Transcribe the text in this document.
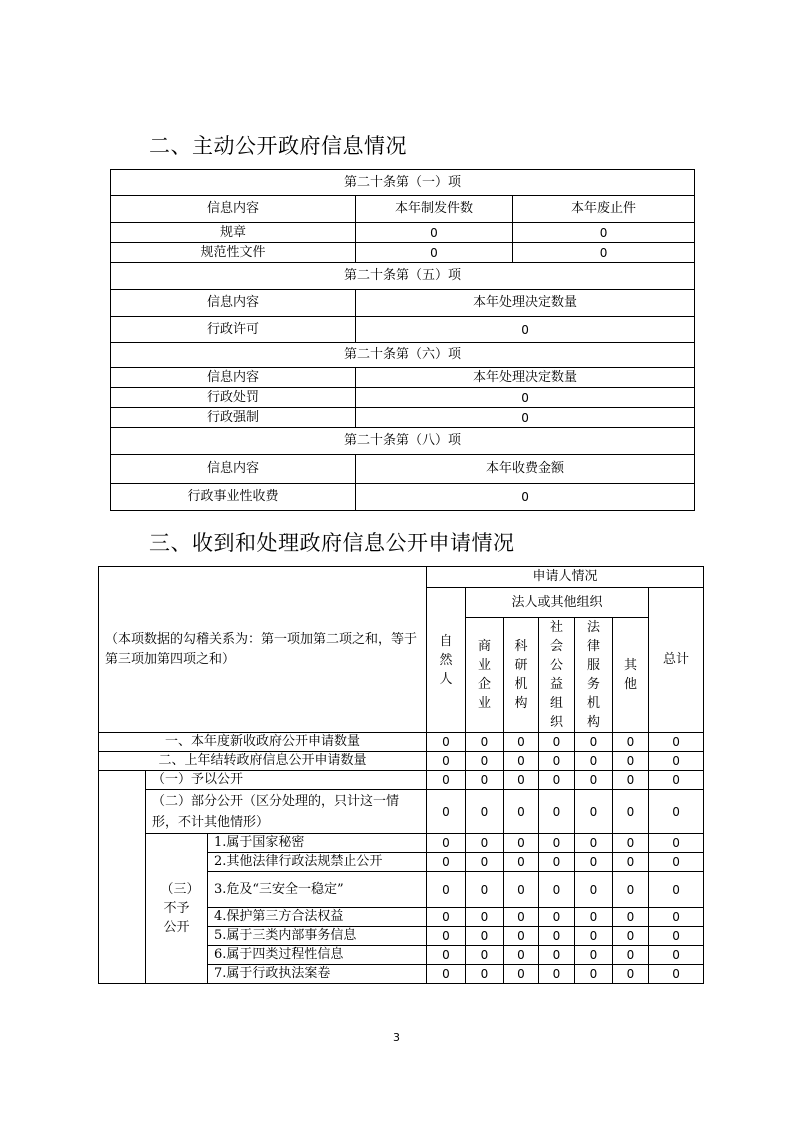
二、主动公开政府信息情况
第二十条第（一）项		
信息内容	本年制发件数	本年废止件
规章	0	0
规范性文件	0	0
第二十条第（五）项		
信息内容	本年处理决定数量	
行政许可	0	
第二十条第（六）项		
信息内容	本年处理决定数量	
行政处罚	0	
行政强制	0	
第二十条第（八）项		
信息内容	本年收费金额	
行政事业性收费	0	
三、收到和处理政府信息公开申请情况
（本项数据的勾稽关系为：第一项加第二项之和，等于第三项加第四项之和）			申请人情况						
			自然人	法人或其他组织					总计
				商业企业	科研机构	社会公益组织	法律服务机构	其他	
一、本年度新收政府公开申请数量			0	0	0	0	0	0	0
二、上年结转政府信息公开申请数量			0	0	0	0	0	0	0
	（一）予以公开		0	0	0	0	0	0	0
	（二）部分公开（区分处理的，只计这一情形，不计其他情形）		0	0	0	0	0	0	0
	（三）不予公开	1.属于国家秘密	0	0	0	0	0	0	0
		2.其他法律行政法规禁止公开	0	0	0	0	0	0	0
		3.危及“三安全一稳定”	0	0	0	0	0	0	0
		4.保护第三方合法权益	0	0	0	0	0	0	0
		5.属于三类内部事务信息	0	0	0	0	0	0	0
		6.属于四类过程性信息	0	0	0	0	0	0	0
		7.属于行政执法案卷	0	0	0	0	0	0	0
3
